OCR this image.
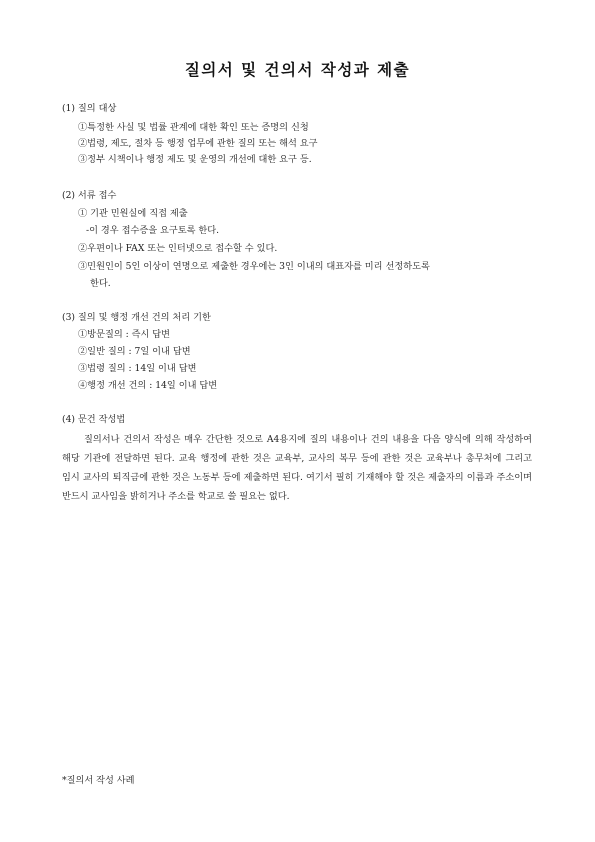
질의서 및 건의서 작성과 제출
(1) 질의 대상
①특정한 사실 및 법률 관계에 대한 확인 또는 증명의 신청
②법령, 제도, 절차 등 행정 업무에 관한 질의 또는 해석 요구
③정부 시책이나 행정 제도 및 운영의 개선에 대한 요구 등.
(2) 서류 접수
① 기관 민원실에 직접 제출
-이 경우 접수증을 요구토록 한다.
②우편이나 FAX 또는 인터넷으로 접수할 수 있다.
③민원인이 5인 이상이 연명으로 제출한 경우에는 3인 이내의 대표자를 미리 선정하도록
한다.
(3) 질의 및 행정 개선 건의 처리 기한
①방문질의 : 즉시 답변
②일반 질의 : 7일 이내 답변
③법령 질의 : 14일 이내 답변
④행정 개선 건의 : 14일 이내 답변
(4) 문건 작성법
질의서나 건의서 작성은 매우 간단한 것으로 A4용지에 질의 내용이나 건의 내용을 다음 양식에 의해 작성하여 해당 기관에 전달하면 된다. 교육 행정에 관한 것은 교육부, 교사의 복무 등에 관한 것은 교육부나 총무처에 그리고 임시 교사의 퇴직금에 관한 것은 노동부 등에 제출하면 된다. 여기서 필히 기재해야 할 것은 제출자의 이름과 주소이며 반드시 교사임을 밝히거나 주소를 학교로 쓸 필요는 없다.
*질의서 작성 사례
